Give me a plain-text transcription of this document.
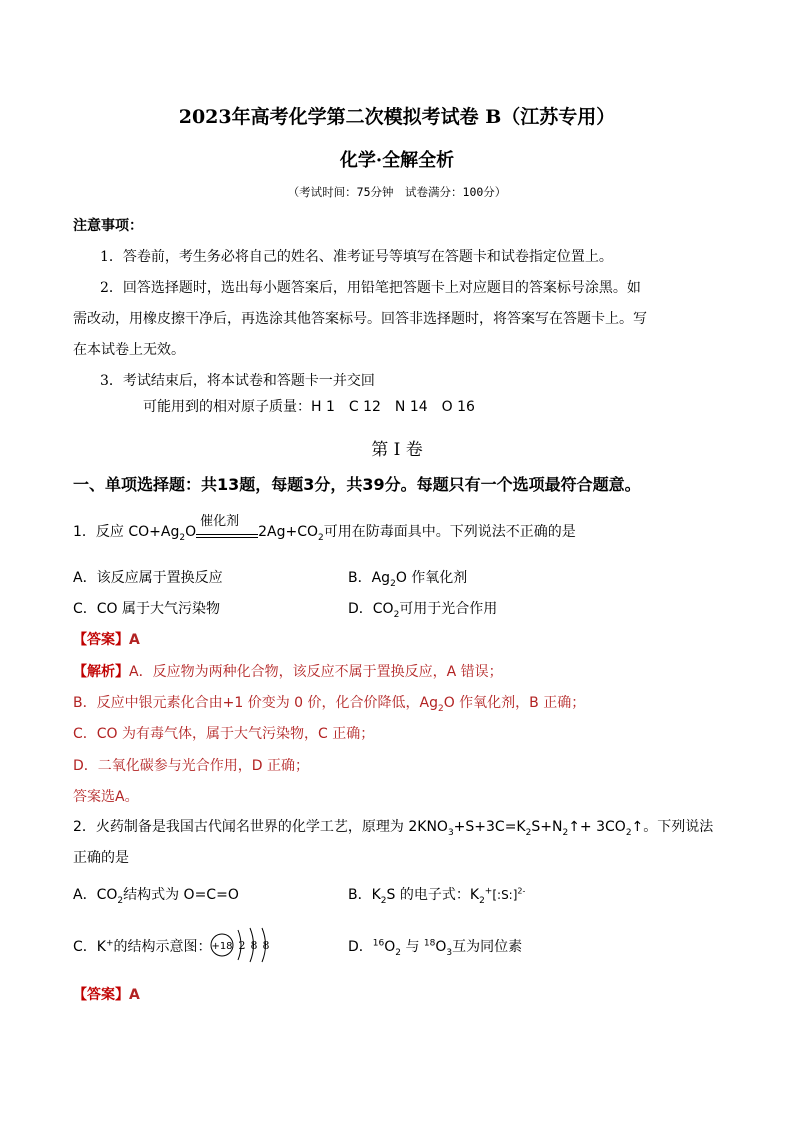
2023年高考化学第二次模拟考试卷 B（江苏专用）
化学·全解全析
（考试时间：75分钟　试卷满分：100分）
注意事项：
1．答卷前，考生务必将自己的姓名、准考证号等填写在答题卡和试卷指定位置上。
2．回答选择题时，选出每小题答案后，用铅笔把答题卡上对应题目的答案标号涂黑。如
需改动，用橡皮擦干净后，再选涂其他答案标号。回答非选择题时，将答案写在答题卡上。写
在本试卷上无效。
3．考试结束后，将本试卷和答题卡一并交回
可能用到的相对原子质量：H 1　C 12　N 14　O 16
第 I 卷
一、单项选择题：共13题，每题3分，共39分。每题只有一个选项最符合题意。
1．反应 $CO+Ag_2O$
催化剂
$2Ag+CO_2$可用在防毒面具中。下列说法不正确的是
A．该反应属于置换反应	B．$Ag_2O$ 作氧化剂
C．CO 属于大气污染物	D．$CO_2$可用于光合作用
【答案】A
【解析】A．反应物为两种化合物，该反应不属于置换反应，A 错误；
B．反应中银元素化合由+1 价变为 0 价，化合价降低，$Ag_2O$ 作氧化剂，B 正确；
C．CO 为有毒气体，属于大气污染物，C 正确；
D．二氧化碳参与光合作用，D 正确；
答案选A。
2．火药制备是我国古代闻名世界的化学工艺，原理为 $2KNO_3+S+3C=K_2S+N_2↑+$ $3CO_2↑$。下列说法
正确的是
A．$CO_2$结构式为 O=C=O	B．$K_2S$ 的电子式：$K_2^+[:S:]^{2-}$
C．K+的结构示意图： +18 2 8 8	D．$^{16}O_2$ 与 $^{18}O_3$互为同位素
【答案】A
